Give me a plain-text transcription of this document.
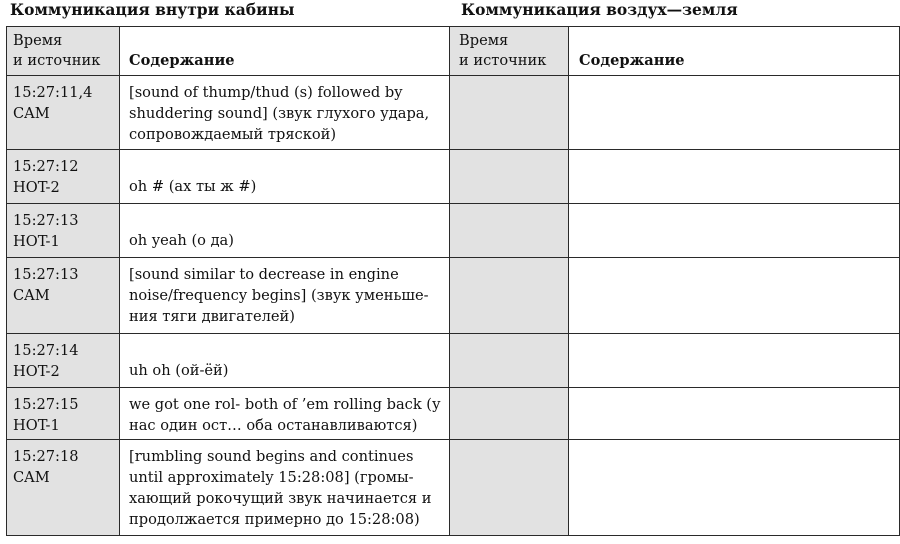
Коммуникация внутри кабины	Коммуникация воздух—земля
Время
и источник	Содержание	Время
и источник	Содержание

15:27:11,4
CAM	[sound of thump/thud (s) followed by shuddering sound] (звук глухого удара, сопровождаемый тряской)		

15:27:12
HOT-2	oh # (ах ты ж #)		

15:27:13
HOT-1	oh yeah (о да)		

15:27:13
CAM	[sound similar to decrease in engine noise/frequency begins] (звук уменьше-ния тяги двигателей)		

15:27:14
HOT-2	uh oh (ой-ёй)		

15:27:15
HOT-1	we got one rol- both of ’em rolling back (у нас один ост… оба останавливаются)		

15:27:18
CAM	[rumbling sound begins and continues until approximately 15:28:08] (громы-хающий рокочущий звук начинается и продолжается примерно до 15:28:08)		
